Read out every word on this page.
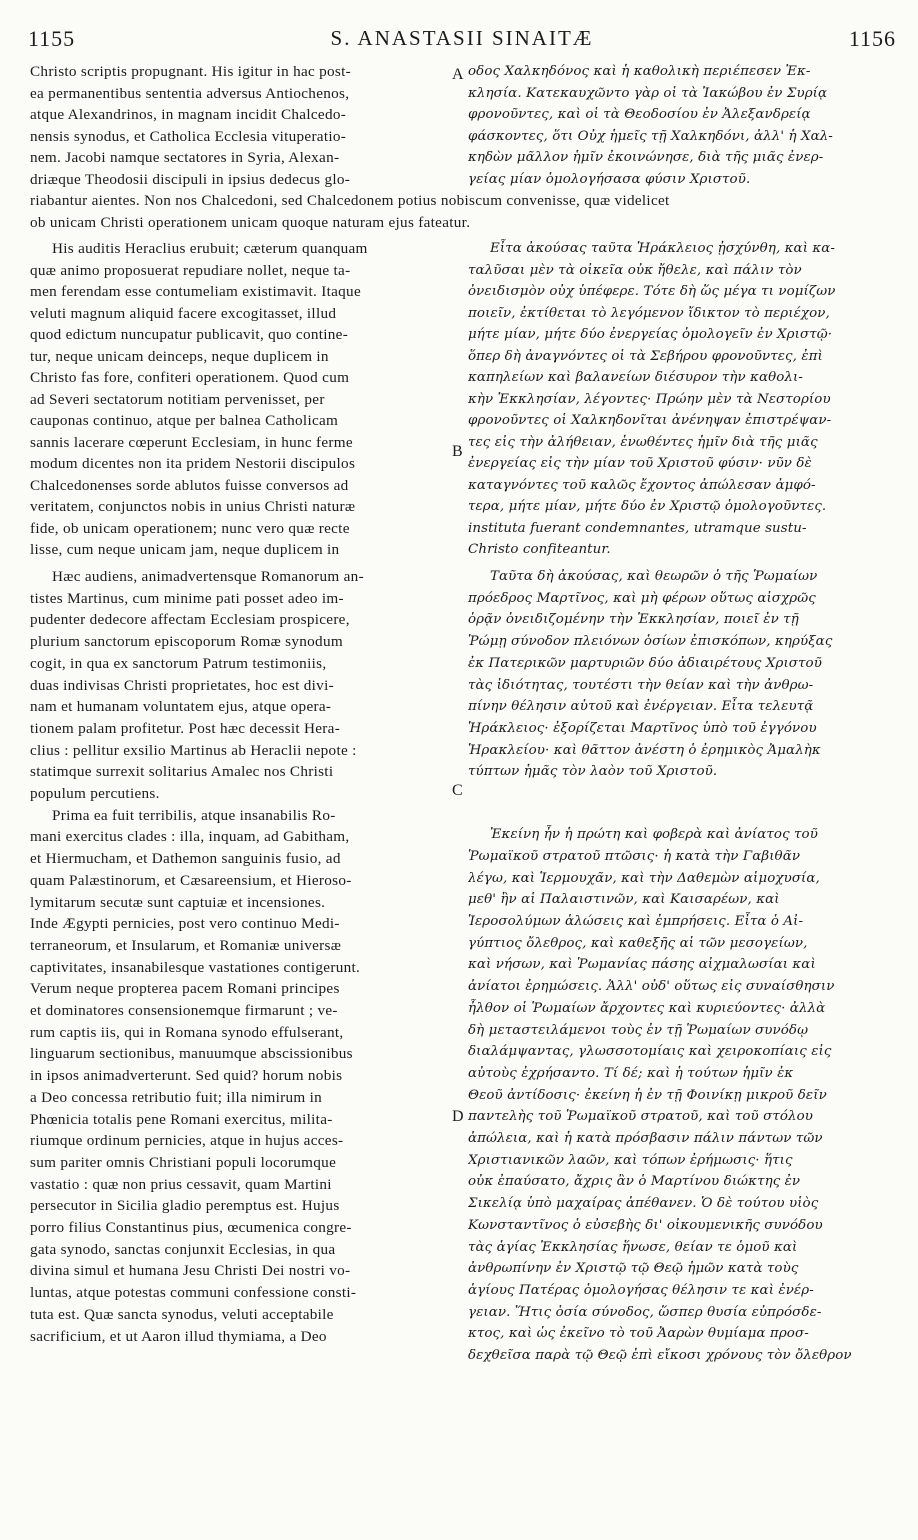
1155	S. ANASTASII SINAITÆ	1156
A
B
C
D
Christo scriptis propugnant. His igitur in hac post-
ea permanentibus sententia adversus Antiochenos,
atque Alexandrinos, in magnam incidit Chalcedo-
nensis synodus, et Catholica Ecclesia vituperatio-
nem. Jacobi namque sectatores in Syria, Alexan-
driæque Theodosii discipuli in ipsius dedecus glo-
οδος Χαλκηδόνος καὶ ἡ καθολικὴ περιέπεσεν Ἐκ-
κλησία. Κατεκαυχῶντο γὰρ οἱ τὰ Ἰακώβου ἐν Συρίᾳ
φρονοῦντες, καὶ οἱ τὰ Θεοδοσίου ἐν Ἀλεξανδρείᾳ
φάσκοντες, ὅτι Οὐχ ἡμεῖς τῇ Χαλκηδόνι, ἀλλ' ἡ Χαλ-
κηδὼν μᾶλλον ἡμῖν ἐκοινώνησε, διὰ τῆς μιᾶς ἐνερ-
γείας μίαν ὁμολογήσασα φύσιν Χριστοῦ.
riabantur aientes. Non nos Chalcedoni, sed Chalcedonem potius nobiscum convenisse, quæ videlicet
ob unicam Christi operationem unicam quoque naturam ejus fateatur.
His auditis Heraclius erubuit; cæterum quanquam
quæ animo proposuerat repudiare nollet, neque ta-
men ferendam esse contumeliam existimavit. Itaque
veluti magnum aliquid facere excogitasset, illud
quod edictum nuncupatur publicavit, quo contine-
tur, neque unicam deinceps, neque duplicem in
Christo fas fore, confiteri operationem. Quod cum
ad Severi sectatorum notitiam pervenisset, per
cauponas continuo, atque per balnea Catholicam
sannis lacerare cœperunt Ecclesiam, in hunc ferme
modum dicentes non ita pridem Nestorii discipulos
Chalcedonenses sorde ablutos fuisse conversos ad
veritatem, conjunctos nobis in unius Christi naturæ
fide, ob unicam operationem; nunc vero quæ recte
lisse, cum neque unicam jam, neque duplicem in
Εἶτα ἀκούσας ταῦτα Ἡράκλειος ᾐσχύνθη, καὶ κα-
ταλῦσαι μὲν τὰ οἰκεῖα οὐκ ἤθελε, καὶ πάλιν τὸν
ὀνειδισμὸν οὐχ ὑπέφερε. Τότε δὴ ὥς μέγα τι νομίζων
ποιεῖν, ἐκτίθεται τὸ λεγόμενον ἴδικτον τὸ περιέχον,
μήτε μίαν, μήτε δύο ἐνεργείας ὁμολογεῖν ἐν Χριστῷ·
ὅπερ δὴ ἀναγνόντες οἱ τὰ Σεβήρου φρονοῦντες, ἐπὶ
καπηλείων καὶ βαλανείων διέσυρον τὴν καθολι-
κὴν Ἐκκλησίαν, λέγοντες· Πρώην μὲν τὰ Νεστορίου
φρονοῦντες οἱ Χαλκηδονῖται ἀνένηψαν ἐπιστρέψαν-
τες εἰς τὴν ἀλήθειαν, ἑνωθέντες ἡμῖν διὰ τῆς μιᾶς
ἐνεργείας εἰς τὴν μίαν τοῦ Χριστοῦ φύσιν· νῦν δὲ
καταγνόντες τοῦ καλῶς ἔχοντος ἀπώλεσαν ἀμφό-
τερα, μήτε μίαν, μήτε δύο ἐν Χριστῷ ὁμολογοῦντες.
instituta fuerant condemnantes, utramque sustu-
Christo confiteantur.
Hæc audiens, animadvertensque Romanorum an-
tistes Martinus, cum minime pati posset adeo im-
pudenter dedecore affectam Ecclesiam prospicere,
plurium sanctorum episcoporum Romæ synodum
cogit, in qua ex sanctorum Patrum testimoniis,
duas indivisas Christi proprietates, hoc est divi-
nam et humanam voluntatem ejus, atque opera-
tionem palam profitetur. Post hæc decessit Hera-
clius : pellitur exsilio Martinus ab Heraclii nepote :
statimque surrexit solitarius Amalec nos Christi
populum percutiens.
Prima ea fuit terribilis, atque insanabilis Ro-
mani exercitus clades : illa, inquam, ad Gabitham,
et Hiermucham, et Dathemon sanguinis fusio, ad
quam Palæstinorum, et Cæsareensium, et Hieroso-
lymitarum secutæ sunt captuiæ et incensiones.
Inde Ægypti pernicies, post vero continuo Medi-
terraneorum, et Insularum, et Romaniæ universæ
captivitates, insanabilesque vastationes contigerunt.
Verum neque propterea pacem Romani principes
et dominatores consensionemque firmarunt ; ve-
rum captis iis, qui in Romana synodo effulserant,
linguarum sectionibus, manuumque abscissionibus
in ipsos animadverterunt. Sed quid? horum nobis
a Deo concessa retributio fuit; illa nimirum in
Phœnicia totalis pene Romani exercitus, milita-
riumque ordinum pernicies, atque in hujus acces-
sum pariter omnis Christiani populi locorumque
vastatio : quæ non prius cessavit, quam Martini
persecutor in Sicilia gladio peremptus est. Hujus
porro filius Constantinus pius, œcumenica congre-
gata synodo, sanctas conjunxit Ecclesias, in qua
divina simul et humana Jesu Christi Dei nostri vo-
luntas, atque potestas communi confessione consti-
tuta est. Quæ sancta synodus, veluti acceptabile
sacrificium, et ut Aaron illud thymiama, a Deo
Ταῦτα δὴ ἀκούσας, καὶ θεωρῶν ὁ τῆς Ῥωμαίων
πρόεδρος Μαρτῖνος, καὶ μὴ φέρων οὕτως αἰσχρῶς
ὁρᾷν ὀνειδιζομένην τὴν Ἐκκλησίαν, ποιεῖ ἐν τῇ
Ῥώμῃ σύνοδον πλειόνων ὁσίων ἐπισκόπων, κηρύξας
ἐκ Πατερικῶν μαρτυριῶν δύο ἀδιαιρέτους Χριστοῦ
τὰς ἰδιότητας, τουτέστι τὴν θείαν καὶ τὴν ἀνθρω-
πίνην θέλησιν αὐτοῦ καὶ ἐνέργειαν. Εἶτα τελευτᾷ
Ἡράκλειος· ἐξορίζεται Μαρτῖνος ὑπὸ τοῦ ἐγγόνου
Ἡρακλείου· καὶ θᾶττον ἀνέστη ὁ ἐρημικὸς Ἀμαλὴκ
τύπτων ἡμᾶς τὸν λαὸν τοῦ Χριστοῦ.
Ἐκείνη ἦν ἡ πρώτη καὶ φοβερὰ καὶ ἀνίατος τοῦ
Ῥωμαϊκοῦ στρατοῦ πτῶσις· ἡ κατὰ τὴν Γαβιθᾶν
λέγω, καὶ Ἱερμουχᾶν, καὶ τὴν Δαθεμὼν αἱμοχυσία,
μεθ' ἣν αἱ Παλαιστινῶν, καὶ Καισαρέων, καὶ
Ἱεροσολύμων ἁλώσεις καὶ ἐμπρήσεις. Εἶτα ὁ Αἰ-
γύπτιος ὄλεθρος, καὶ καθεξῆς αἱ τῶν μεσογείων,
καὶ νήσων, καὶ Ῥωμανίας πάσης αἰχμαλωσίαι καὶ
ἀνίατοι ἐρημώσεις. Ἀλλ' οὐδ' οὕτως εἰς συναίσθησιν
ἦλθον οἱ Ῥωμαίων ἄρχοντες καὶ κυριεύοντες· ἀλλὰ
δὴ μεταστειλάμενοι τοὺς ἐν τῇ Ῥωμαίων συνόδῳ
διαλάμψαντας, γλωσσοτομίαις καὶ χειροκοπίαις εἰς
αὐτοὺς ἐχρήσαντο. Τί δέ; καὶ ἡ τούτων ἡμῖν ἐκ
Θεοῦ ἀντίδοσις· ἐκείνη ἡ ἐν τῇ Φοινίκῃ μικροῦ δεῖν
παντελὴς τοῦ Ῥωμαϊκοῦ στρατοῦ, καὶ τοῦ στόλου
ἀπώλεια, καὶ ἡ κατὰ πρόσβασιν πάλιν πάντων τῶν
Χριστιανικῶν λαῶν, καὶ τόπων ἐρήμωσις· ἥτις
οὐκ ἐπαύσατο, ἄχρις ἂν ὁ Μαρτίνου διώκτης ἐν
Σικελίᾳ ὑπὸ μαχαίρας ἀπέθανεν. Ὁ δὲ τούτου υἱὸς
Κωνσταντῖνος ὁ εὐσεβὴς δι' οἰκουμενικῆς συνόδου
τὰς ἁγίας Ἐκκλησίας ἥνωσε, θείαν τε ὁμοῦ καὶ
ἀνθρωπίνην ἐν Χριστῷ τῷ Θεῷ ἡμῶν κατὰ τοὺς
ἁγίους Πατέρας ὁμολογήσας θέλησιν τε καὶ ἐνέρ-
γειαν. Ἥτις ὁσία σύνοδος, ὥσπερ θυσία εὐπρόσδε-
κτος, καὶ ὡς ἐκεῖνο τὸ τοῦ Ἀαρὼν θυμίαμα προσ-
δεχθεῖσα παρὰ τῷ Θεῷ ἐπὶ εἴκοσι χρόνους τὸν ὄλεθρον
